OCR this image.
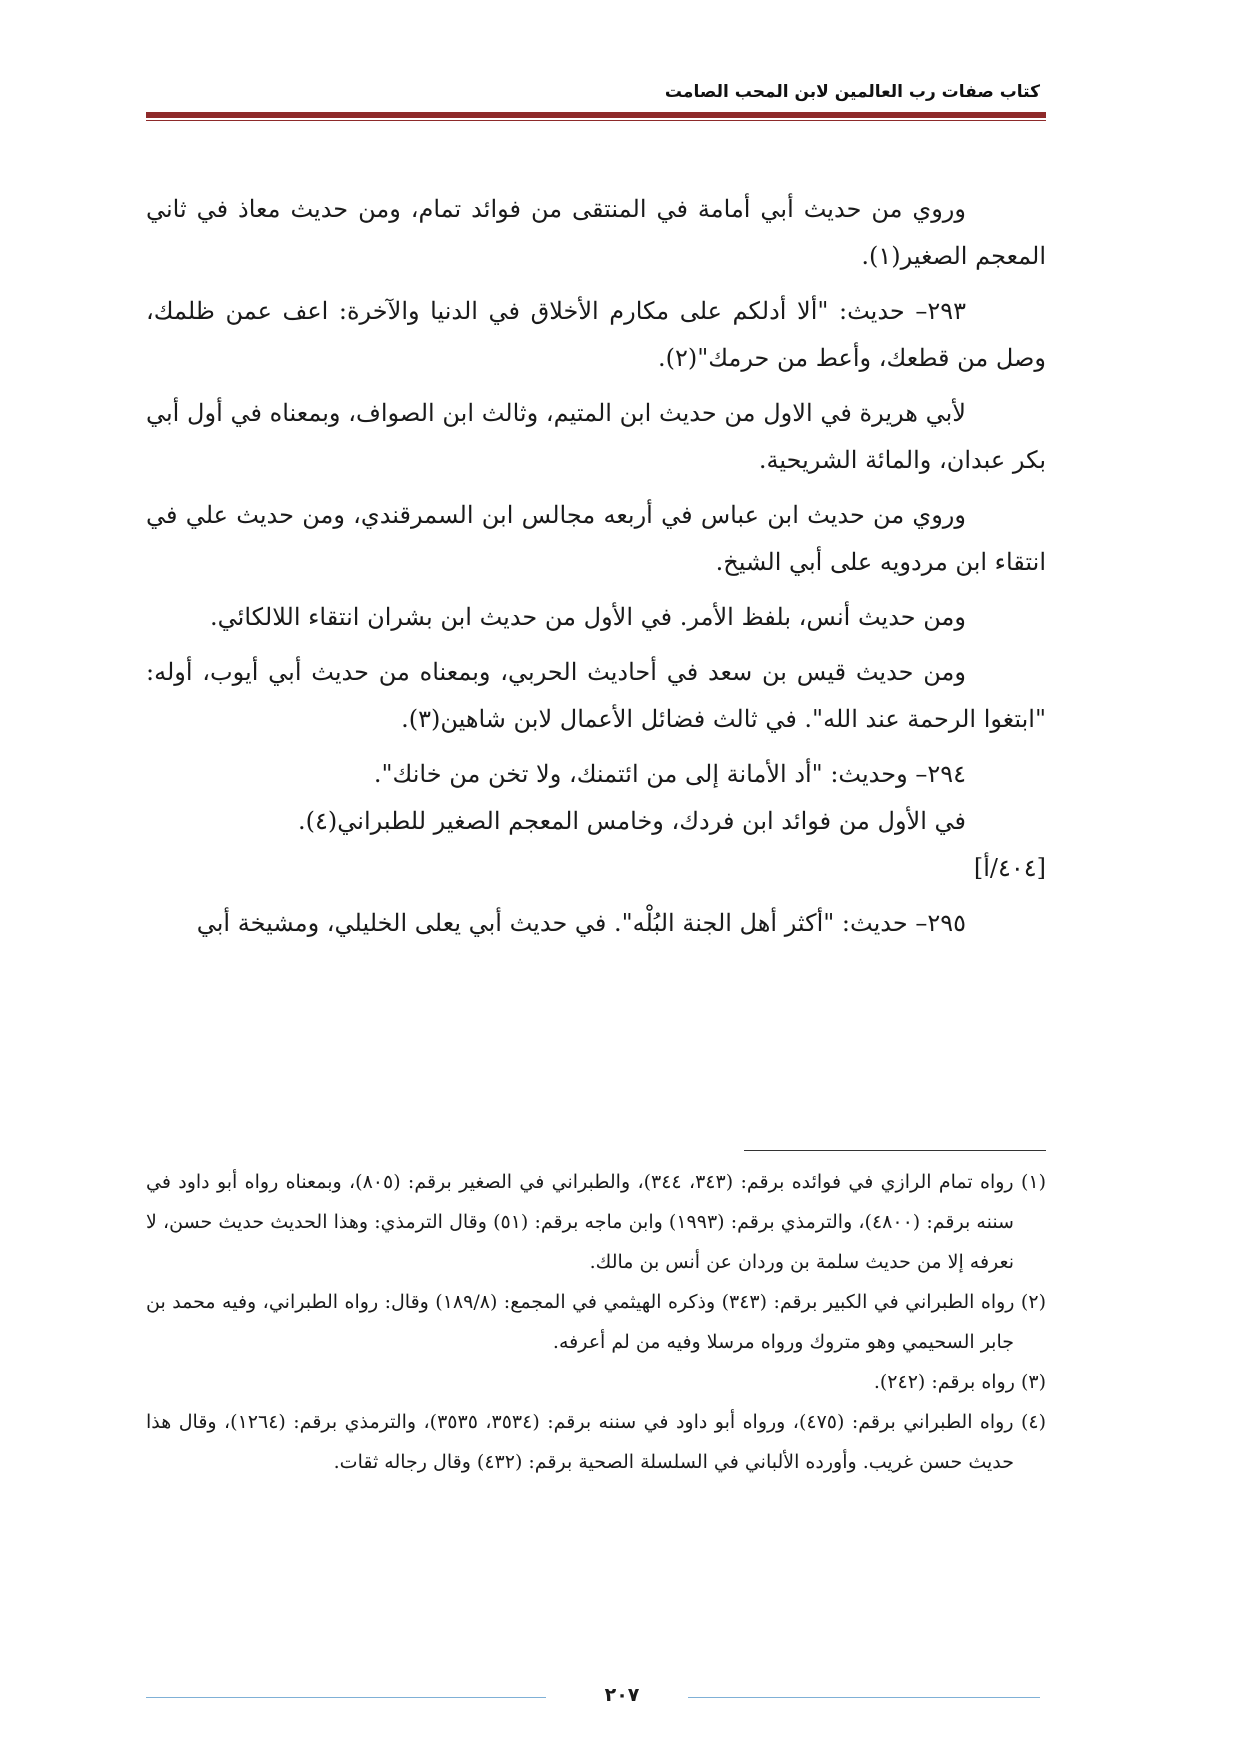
كتاب صفات رب العالمين لابن المحب الصامت

وروي من حديث أبي أمامة في المنتقى من فوائد تمام، ومن حديث معاذ في ثاني المعجم الصغير(١).

٢٩٣– حديث: "ألا أدلكم على مكارم الأخلاق في الدنيا والآخرة: اعف عمن ظلمك، وصل من قطعك، وأعط من حرمك"(٢).

لأبي هريرة في الاول من حديث ابن المتيم، وثالث ابن الصواف، وبمعناه في أول أبي بكر عبدان، والمائة الشريحية.

وروي من حديث ابن عباس في أربعه مجالس ابن السمرقندي، ومن حديث علي في انتقاء ابن مردويه على أبي الشيخ.

ومن حديث أنس، بلفظ الأمر. في الأول من حديث ابن بشران انتقاء اللالكائي.

ومن حديث قيس بن سعد في أحاديث الحربي، وبمعناه من حديث أبي أيوب، أوله: "ابتغوا الرحمة عند الله". في ثالث فضائل الأعمال لابن شاهين(٣).

٢٩٤– وحديث: "أد الأمانة إلى من ائتمنك، ولا تخن من خانك".

في الأول من فوائد ابن فردك، وخامس المعجم الصغير للطبراني(٤).

[٤٠٤/أ]

٢٩٥– حديث: "أكثر أهل الجنة البُلْه". في حديث أبي يعلى الخليلي، ومشيخة أبي

(١) رواه تمام الرازي في فوائده برقم: (٣٤٣، ٣٤٤)، والطبراني في الصغير برقم: (٨٠٥)، وبمعناه رواه أبو داود في سننه برقم: (٤٨٠٠)، والترمذي برقم: (١٩٩٣) وابن ماجه برقم: (٥١) وقال الترمذي: وهذا الحديث حديث حسن، لا نعرفه إلا من حديث سلمة بن وردان عن أنس بن مالك.

(٢) رواه الطبراني في الكبير برقم: (٣٤٣) وذكره الهيثمي في المجمع: (١٨٩/٨) وقال: رواه الطبراني، وفيه محمد بن جابر السحيمي وهو متروك ورواه مرسلا وفيه من لم أعرفه.

(٣) رواه برقم: (٢٤٢).

(٤) رواه الطبراني برقم: (٤٧٥)، ورواه أبو داود في سننه برقم: (٣٥٣٤، ٣٥٣٥)، والترمذي برقم: (١٢٦٤)، وقال هذا حديث حسن غريب. وأورده الألباني في السلسلة الصحية برقم: (٤٣٢) وقال رجاله ثقات.

٢٠٧
